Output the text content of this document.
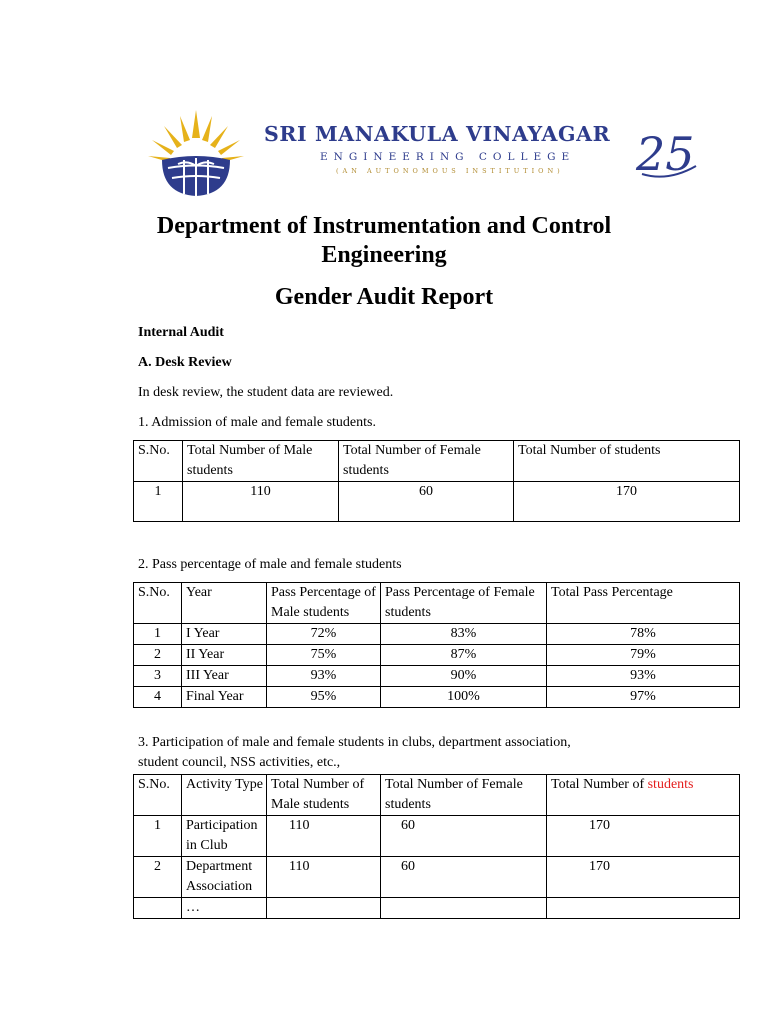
SRI MANAKULA VINAYAGAR
ENGINEERING COLLEGE
(AN AUTONOMOUS INSTITUTION) 25
Department of Instrumentation and Control
Engineering
Gender Audit Report
Internal Audit
A. Desk Review
In desk review, the student data are reviewed.
1. Admission of male and female students.
S.No.	Total Number of Male students	Total Number of Female students	Total Number of students
1	110	60	170
2. Pass percentage of male and female students
S.No.	Year	Pass Percentage of Male students	Pass Percentage of Female students	Total Pass Percentage
1	I Year	72%	83%	78%
2	II Year	75%	87%	79%
3	III Year	93%	90%	93%
4	Final Year	95%	100%	97%
3. Participation of male and female students in clubs, department association,
student council, NSS activities, etc.,
S.No.	Activity Type	Total Number of Male students	Total Number of Female students	Total Number of students
1	Participation in Club	110	60	170
2	Department Association	110	60	170
	…			
